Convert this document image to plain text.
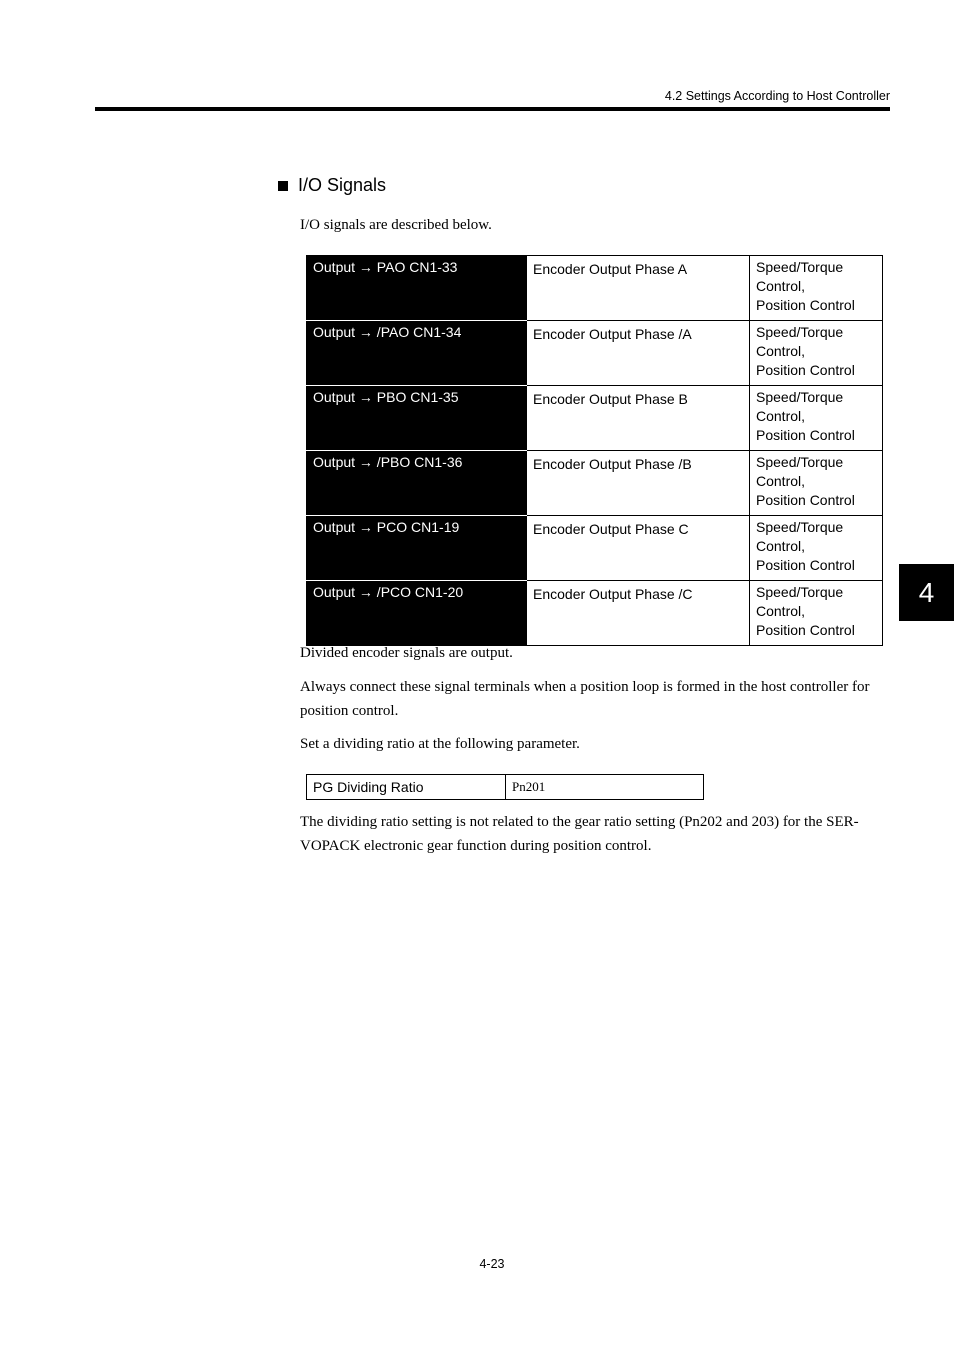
4.2 Settings According to Host Controller
I/O Signals
I/O signals are described below.
Output → PAO CN1-33	Encoder Output Phase A	Speed/Torque
Control,
Position Control

Output → /PAO CN1-34	Encoder Output Phase /A	Speed/Torque
Control,
Position Control

Output → PBO CN1-35	Encoder Output Phase B	Speed/Torque
Control,
Position Control

Output → /PBO CN1-36	Encoder Output Phase /B	Speed/Torque
Control,
Position Control

Output → PCO CN1-19	Encoder Output Phase C	Speed/Torque
Control,
Position Control

Output → /PCO CN1-20	Encoder Output Phase /C	Speed/Torque
Control,
Position Control
Divided encoder signals are output.
Always connect these signal terminals when a position loop is formed in the host controller for position control.
Set a dividing ratio at the following parameter.
PG Dividing Ratio	Pn201
The dividing ratio setting is not related to the gear ratio setting (Pn202 and 203) for the SER-VOPACK electronic gear function during position control.
4
4-23
